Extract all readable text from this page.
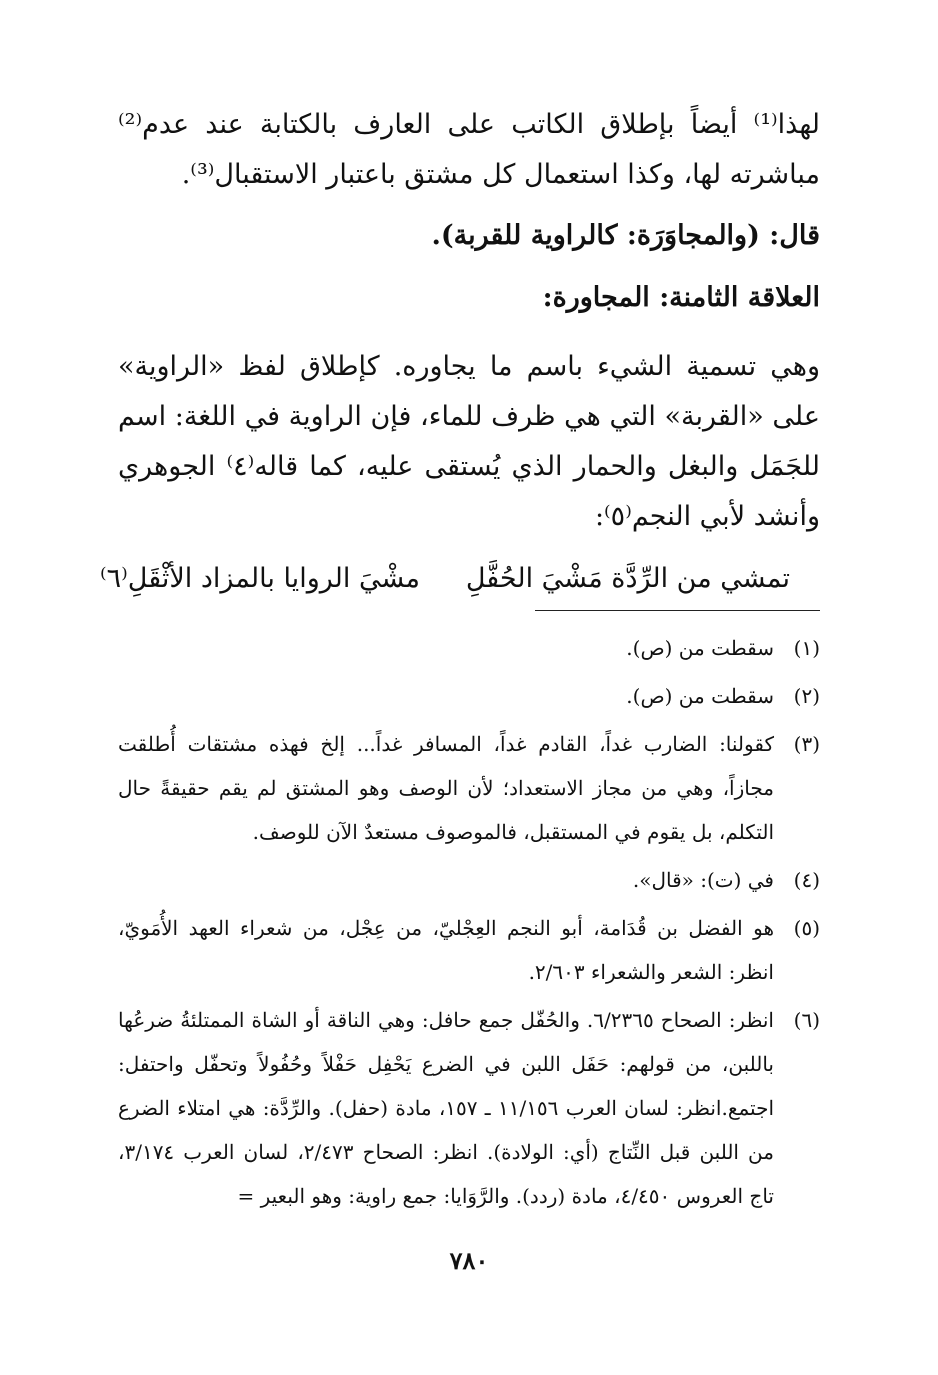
لهذا⁽¹⁾ أيضاً بإطلاق الكاتب على العارف بالكتابة عند عدم⁽²⁾ مباشرته لها، وكذا استعمال كل مشتق باعتبار الاستقبال⁽³⁾.

قال: (والمجاوَرَة: كالراوية للقربة).

العلاقة الثامنة: المجاورة:

وهي تسمية الشيء باسم ما يجاوره. كإطلاق لفظ «الراوية» على «القربة» التي هي ظرف للماء، فإن الراوية في اللغة: اسم للجَمَل والبغل والحمار الذي يُستقى عليه، كما قاله⁽٤⁾ الجوهري وأنشد لأبي النجم⁽٥⁾:

تمشي من الرِّدَّة مَشْيَ الحُفَّلِ
مشْيَ الروايا بالمزاد الأثْقَلِ⁽٦⁾
(١)
سقطت من (ص).
(٢)
سقطت من (ص).
(٣)
كقولنا: الضارب غداً، القادم غداً، المسافر غداً... إلخ فهذه مشتقات أُطلقت مجازاً، وهي من مجاز الاستعداد؛ لأن الوصف وهو المشتق لم يقم حقيقةً حال التكلم، بل يقوم في المستقبل، فالموصوف مستعدٌ الآن للوصف.
(٤)
في (ت): «قال».
(٥)
هو الفضل بن قُدَامة، أبو النجم العِجْليّ، من عِجْل، من شعراء العهد الأُمَويّ، انظر: الشعر والشعراء ٢/٦٠٣.
(٦)
انظر: الصحاح ٦/٢٣٦٥. والحُفّل جمع حافل: وهي الناقة أو الشاة الممتلئةُ ضرعُها باللبن، من قولهم: حَفَل اللبن في الضرع يَحْفِل حَفْلاً وحُفُولاً وتحفّل واحتفل: اجتمع.انظر: لسان العرب ١١/١٥٦ ـ ١٥٧، مادة (حفل). والرِّدَّة: هي امتلاء الضرع من اللبن قبل النِّتاج (أي: الولادة). انظر: الصحاح ٢/٤٧٣، لسان العرب ٣/١٧٤، تاج العروس ٤/٤٥٠، مادة (ردد). والرَّوَايا: جمع راوية: وهو البعير =
٧٨٠
